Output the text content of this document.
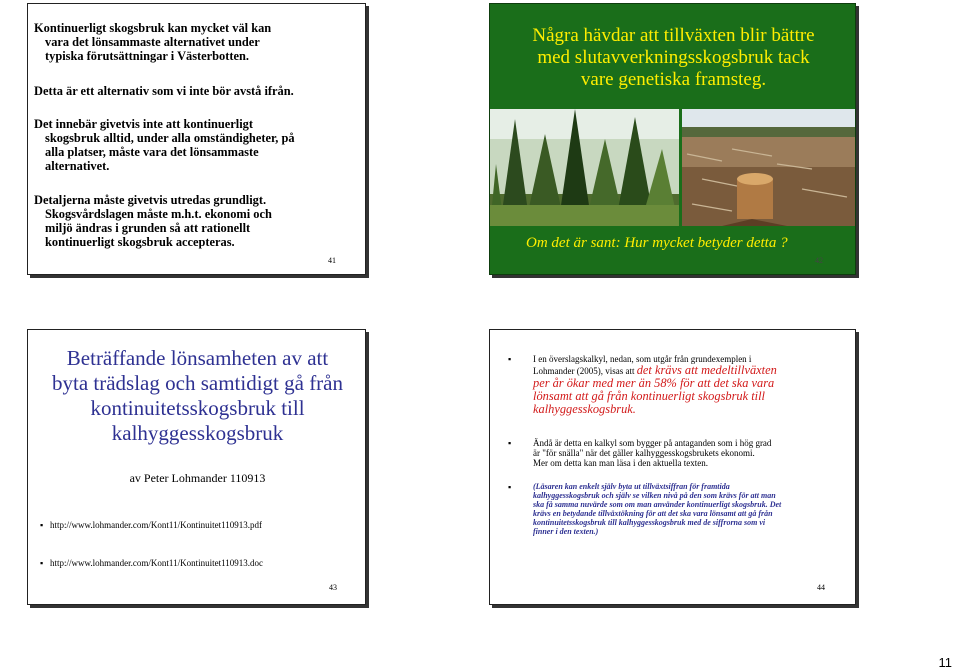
Kontinuerligt skogsbruk kan mycket väl kan
vara det lönsammaste alternativet under
typiska förutsättningar i Västerbotten.
Detta är ett alternativ som vi inte bör avstå ifrån.
Det innebär givetvis inte att kontinuerligt
skogsbruk alltid, under alla omständigheter, på
alla platser, måste vara det lönsammaste
alternativet.
Detaljerna måste givetvis utredas grundligt.
Skogsvårdslagen måste m.h.t. ekonomi och
miljö ändras i grunden så att rationellt
kontinuerligt skogsbruk accepteras.
41
Några hävdar att tillväxten blir bättre
med slutavverkningsskogsbruk tack
vare genetiska framsteg.
Om det är sant: Hur mycket betyder detta ?
42
Beträffande lönsamheten av att
byta trädslag och samtidigt gå från
kontinuitetsskogsbruk till
kalhyggesskogsbruk
av Peter Lohmander 110913
▪ http://www.lohmander.com/Kont11/Kontinuitet110913.pdf
▪ http://www.lohmander.com/Kont11/Kontinuitet110913.doc
43
▪ I en överslagskalkyl, nedan, som utgår från grundexemplen i
Lohmander (2005), visas att det krävs att medeltillväxten
per år ökar med mer än 58% för att det ska vara
lönsamt att gå från kontinuerligt skogsbruk till
kalhyggesskogsbruk.
▪ Ändå är detta en kalkyl som bygger på antaganden som i hög grad
är "för snälla" när det gäller kalhyggesskogsbrukets ekonomi.
Mer om detta kan man läsa i den aktuella texten.
▪	(Läsaren kan enkelt själv byta ut tillväxtsiffran för framtida
kalhyggesskogsbruk och själv se vilken nivå på den som krävs för att man
ska få samma nuvärde som om man använder kontinuerligt skogsbruk. Det
krävs en betydande tillväxtökning för att det ska vara lönsamt att gå från
kontinuitetsskogsbruk till kalhyggesskogsbruk med de siffrorna som vi
finner i den texten.)
44
11
